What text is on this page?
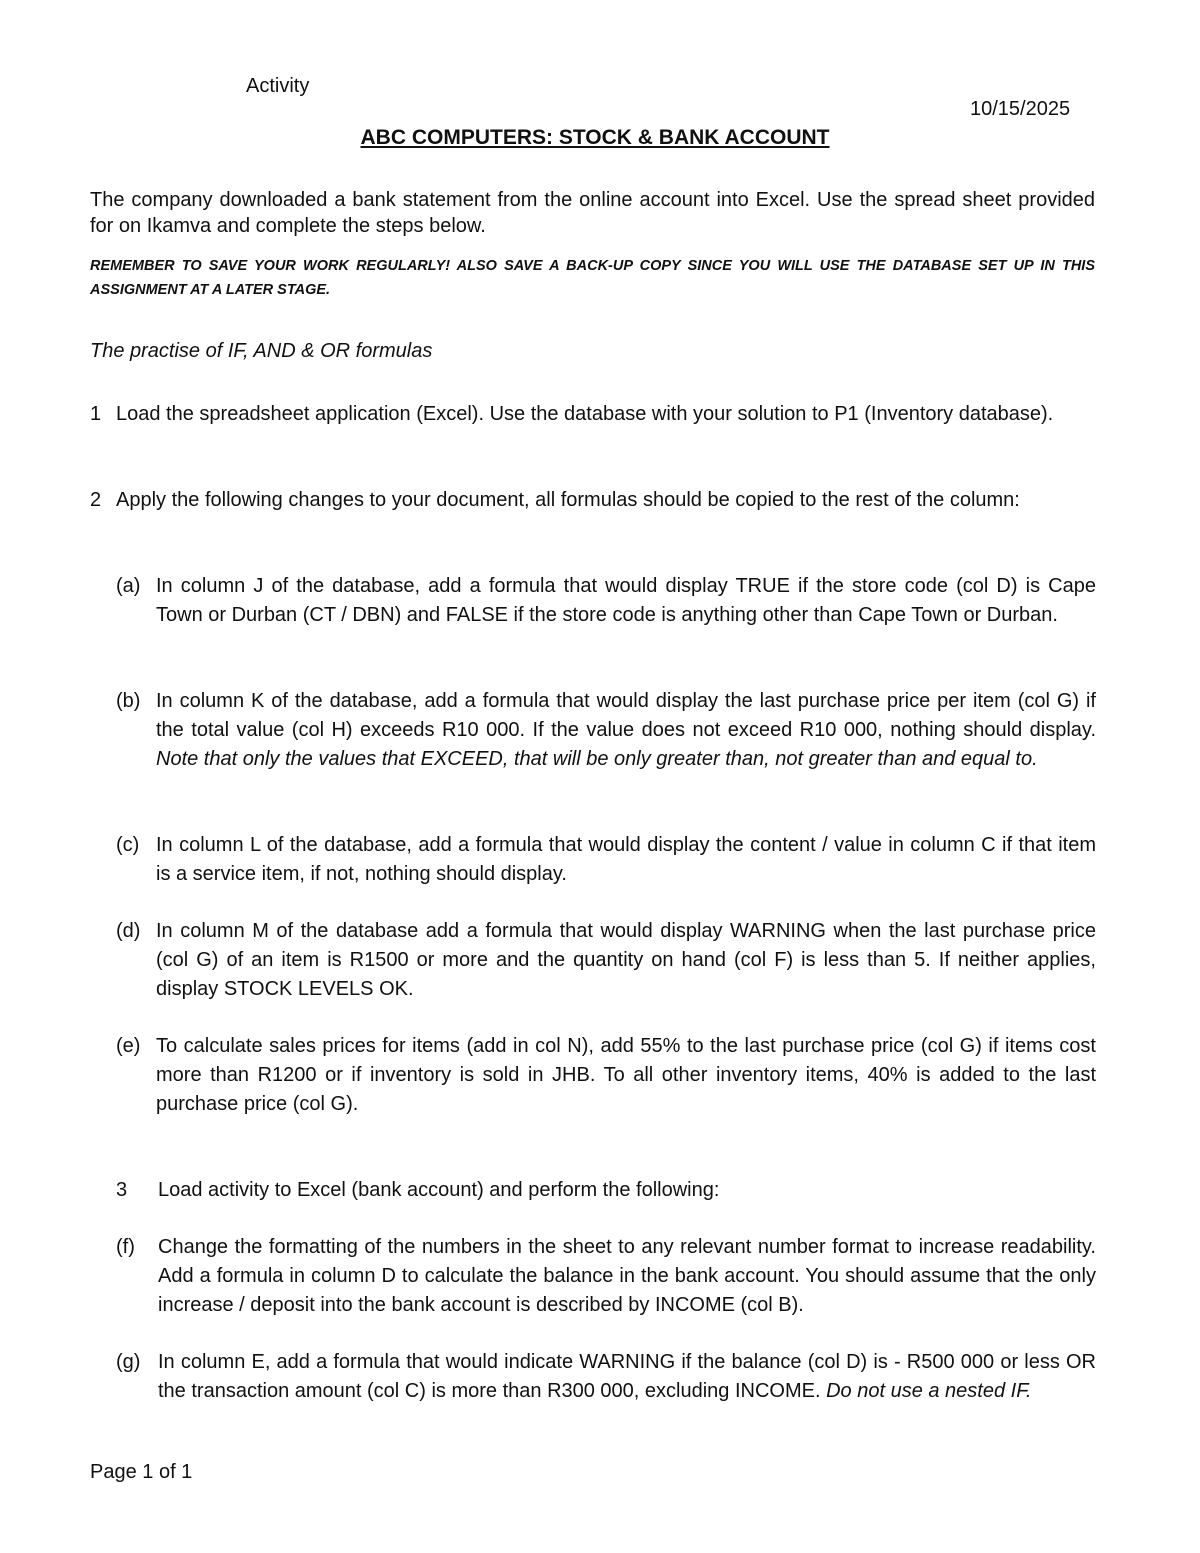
Activity
10/15/2025
ABC COMPUTERS: STOCK & BANK ACCOUNT
The company downloaded a bank statement from the online account into Excel. Use the spread sheet provided for on Ikamva and complete the steps below.
REMEMBER TO SAVE YOUR WORK REGULARLY! ALSO SAVE A BACK-UP COPY SINCE YOU WILL USE THE DATABASE SET UP IN THIS ASSIGNMENT AT A LATER STAGE.
The practise of IF, AND & OR formulas
1 Load the spreadsheet application (Excel). Use the database with your solution to P1 (Inventory database).
2 Apply the following changes to your document, all formulas should be copied to the rest of the column:
(a) In column J of the database, add a formula that would display TRUE if the store code (col D) is Cape Town or Durban (CT / DBN) and FALSE if the store code is anything other than Cape Town or Durban.
(b) In column K of the database, add a formula that would display the last purchase price per item (col G) if the total value (col H) exceeds R10 000. If the value does not exceed R10 000, nothing should display. Note that only the values that EXCEED, that will be only greater than, not greater than and equal to.
(c) In column L of the database, add a formula that would display the content / value in column C if that item is a service item, if not, nothing should display.
(d) In column M of the database add a formula that would display WARNING when the last purchase price (col G) of an item is R1500 or more and the quantity on hand (col F) is less than 5. If neither applies, display STOCK LEVELS OK.
(e) To calculate sales prices for items (add in col N), add 55% to the last purchase price (col G) if items cost more than R1200 or if inventory is sold in JHB. To all other inventory items, 40% is added to the last purchase price (col G).
3 Load activity to Excel (bank account) and perform the following:
(f) Change the formatting of the numbers in the sheet to any relevant number format to increase readability. Add a formula in column D to calculate the balance in the bank account. You should assume that the only increase / deposit into the bank account is described by INCOME (col B).
(g) In column E, add a formula that would indicate WARNING if the balance (col D) is - R500 000 or less OR the transaction amount (col C) is more than R300 000, excluding INCOME. Do not use a nested IF.
Page 1 of 1
